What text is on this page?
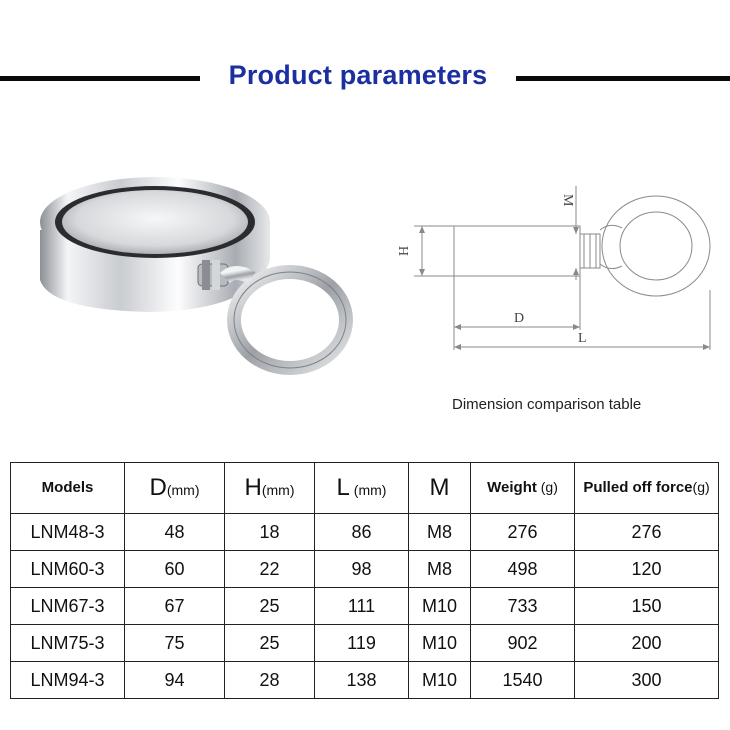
Product parameters
M
H
D
L
Dimension comparison table
Models	D(mm)	H(mm)	L (mm)	M	Weight (g)	Pulled off force(g)
LNM48-3	48	18	86	M8	276	276
LNM60-3	60	22	98	M8	498	120
LNM67-3	67	25	111	M10	733	150
LNM75-3	75	25	119	M10	902	200
LNM94-3	94	28	138	M10	1540	300
